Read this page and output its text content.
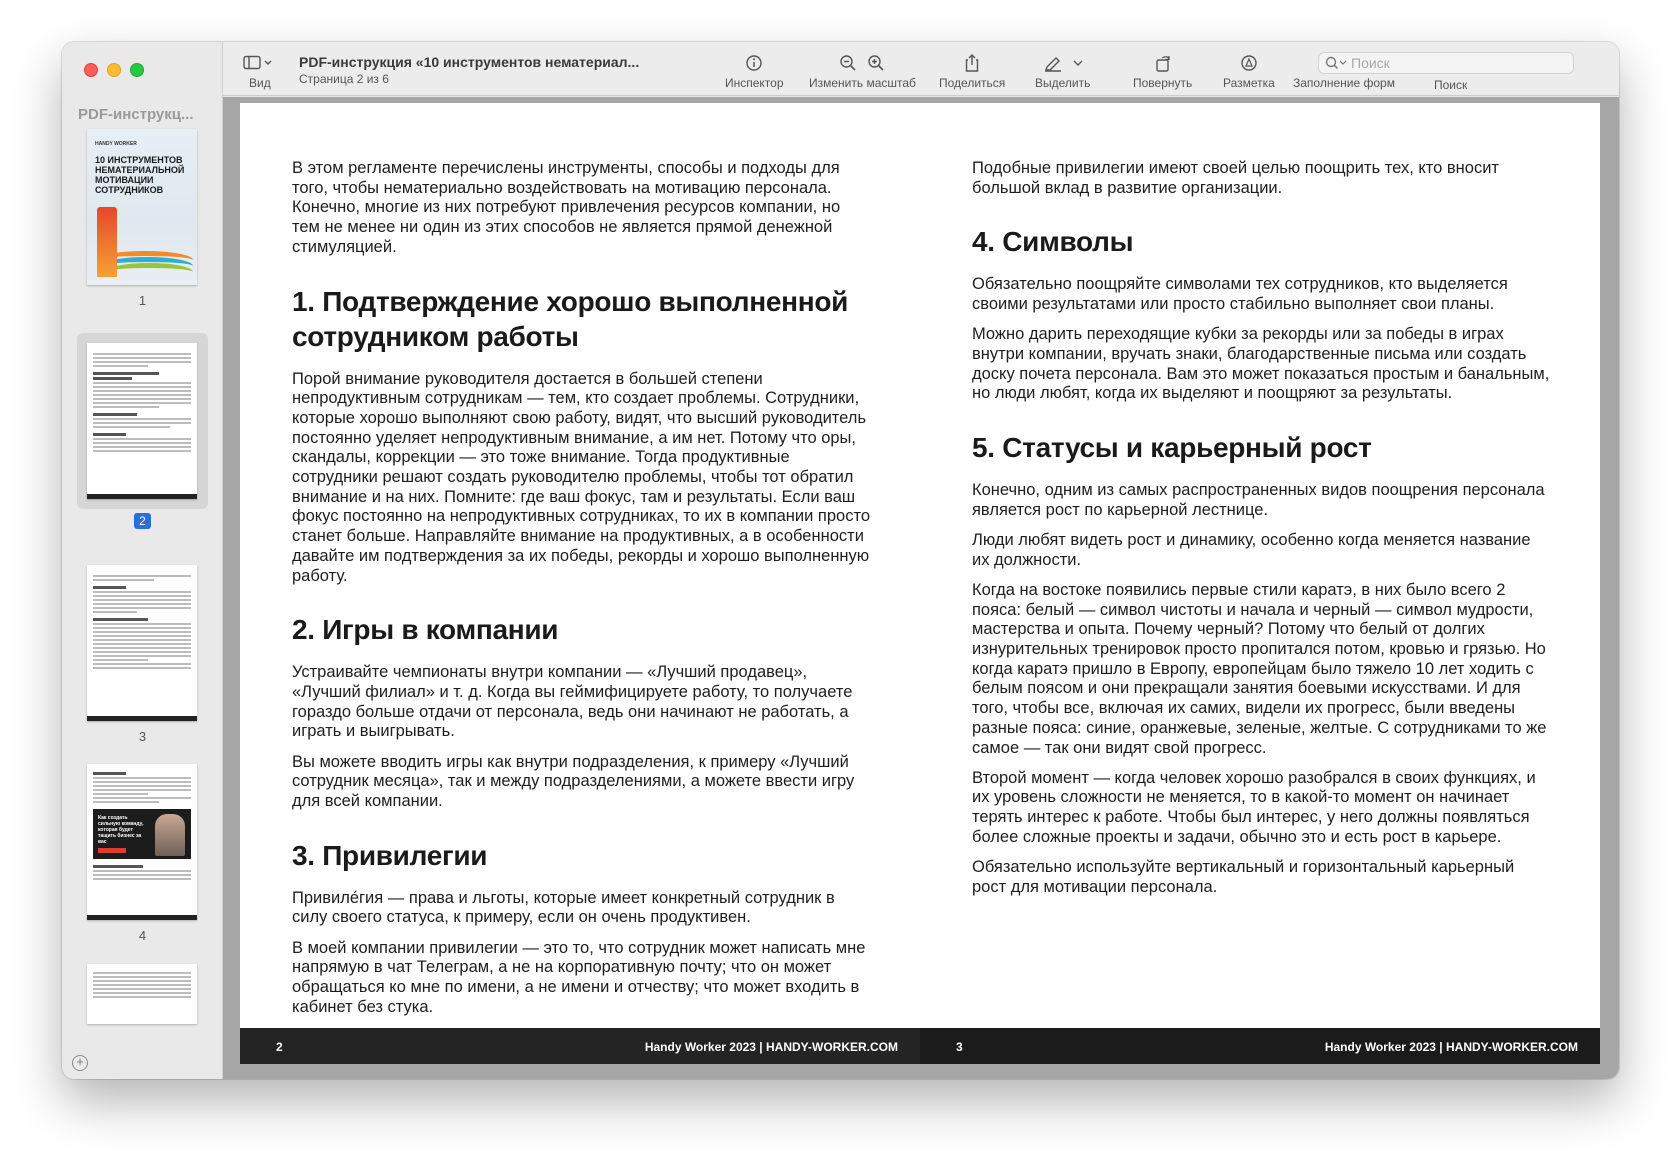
PDF-инструкц...
HANDY WORKER
10 ИНСТРУМЕНТОВ НЕМАТЕРИАЛЬНОЙ МОТИВАЦИИ СОТРУДНИКОВ
1
2
3
Как создать сильную команду, которая будет тащить бизнес за вас
4
+
Вид
PDF-инструкция «10 инструментов нематериал...
Страница 2 из 6	Инспектор Изменить масштаб Поделиться Выделить	Повернуть	Разметка Заполнение форм
Поиск	Поиск

В этом регламенте перечислены инструменты, способы и подходы для того, чтобы нематериально воздействовать на мотивацию персонала. Конечно, многие из них потребуют привлечения ресурсов компании, но тем не менее ни один из этих способов не является прямой денежной стимуляцией.

1. Подтверждение хорошо выполненной сотрудником работы

Порой внимание руководителя достается в большей степени непродуктивным сотрудникам — тем, кто создает проблемы. Сотрудники, которые хорошо выполняют свою работу, видят, что высший руководитель постоянно уделяет непродуктивным внимание, а им нет. Потому что оры, скандалы, коррекции — это тоже внимание. Тогда продуктивные сотрудники решают создать руководителю проблемы, чтобы тот обратил внимание и на них. Помните: где ваш фокус, там и результаты. Если ваш фокус постоянно на непродуктивных сотрудниках, то их в компании просто станет больше. Направляйте внимание на продуктивных, а в особенности давайте им подтверждения за их победы, рекорды и хорошо выполненную работу.

2. Игры в компании

Устраивайте чемпионаты внутри компании — «Лучший продавец», «Лучший филиал» и т. д. Когда вы геймифицируете работу, то получаете гораздо больше отдачи от персонала, ведь они начинают не работать, а играть и выигрывать.

Вы можете вводить игры как внутри подразделения, к примеру «Лучший сотрудник месяца», так и между подразделениями, а можете ввести игру для всей компании.

3. Привилегии

Привиле́гия — права и льготы, которые имеет конкретный сотрудник в силу своего статуса, к примеру, если он очень продуктивен.

В моей компании привилегии — это то, что сотрудник может написать мне напрямую в чат Телеграм, а не на корпоративную почту; что он может обращаться ко мне по имени, а не имени и отчеству; что может входить в кабинет без стука.

2	Handy Worker 2023 | HANDY-WORKER.COM

Подобные привилегии имеют своей целью поощрить тех, кто вносит большой вклад в развитие организации.

4. Символы

Обязательно поощряйте символами тех сотрудников, кто выделяется своими результатами или просто стабильно выполняет свои планы.

Можно дарить переходящие кубки за рекорды или за победы в играх внутри компании, вручать знаки, благодарственные письма или создать доску почета персонала. Вам это может показаться простым и банальным, но люди любят, когда их выделяют и поощряют за результаты.

5. Статусы и карьерный рост

Конечно, одним из самых распространенных видов поощрения персонала является рост по карьерной лестнице.

Люди любят видеть рост и динамику, особенно когда меняется название их должности.

Когда на востоке появились первые стили каратэ, в них было всего 2 пояса: белый — символ чистоты и начала и черный — символ мудрости, мастерства и опыта. Почему черный? Потому что белый от долгих изнурительных тренировок просто пропитался потом, кровью и грязью. Но когда каратэ пришло в Европу, европейцам было тяжело 10 лет ходить с белым поясом и они прекращали занятия боевыми искусствами. И для того, чтобы все, включая их самих, видели их прогресс, были введены разные пояса: синие, оранжевые, зеленые, желтые. С сотрудниками то же самое — так они видят свой прогресс.

Второй момент — когда человек хорошо разобрался в своих функциях, и их уровень сложности не меняется, то в какой-то момент он начинает терять интерес к работе. Чтобы был интерес, у него должны появляться более сложные проекты и задачи, обычно это и есть рост в карьере.

Обязательно используйте вертикальный и горизонтальный карьерный рост для мотивации персонала.

3	Handy Worker 2023 | HANDY-WORKER.COM
